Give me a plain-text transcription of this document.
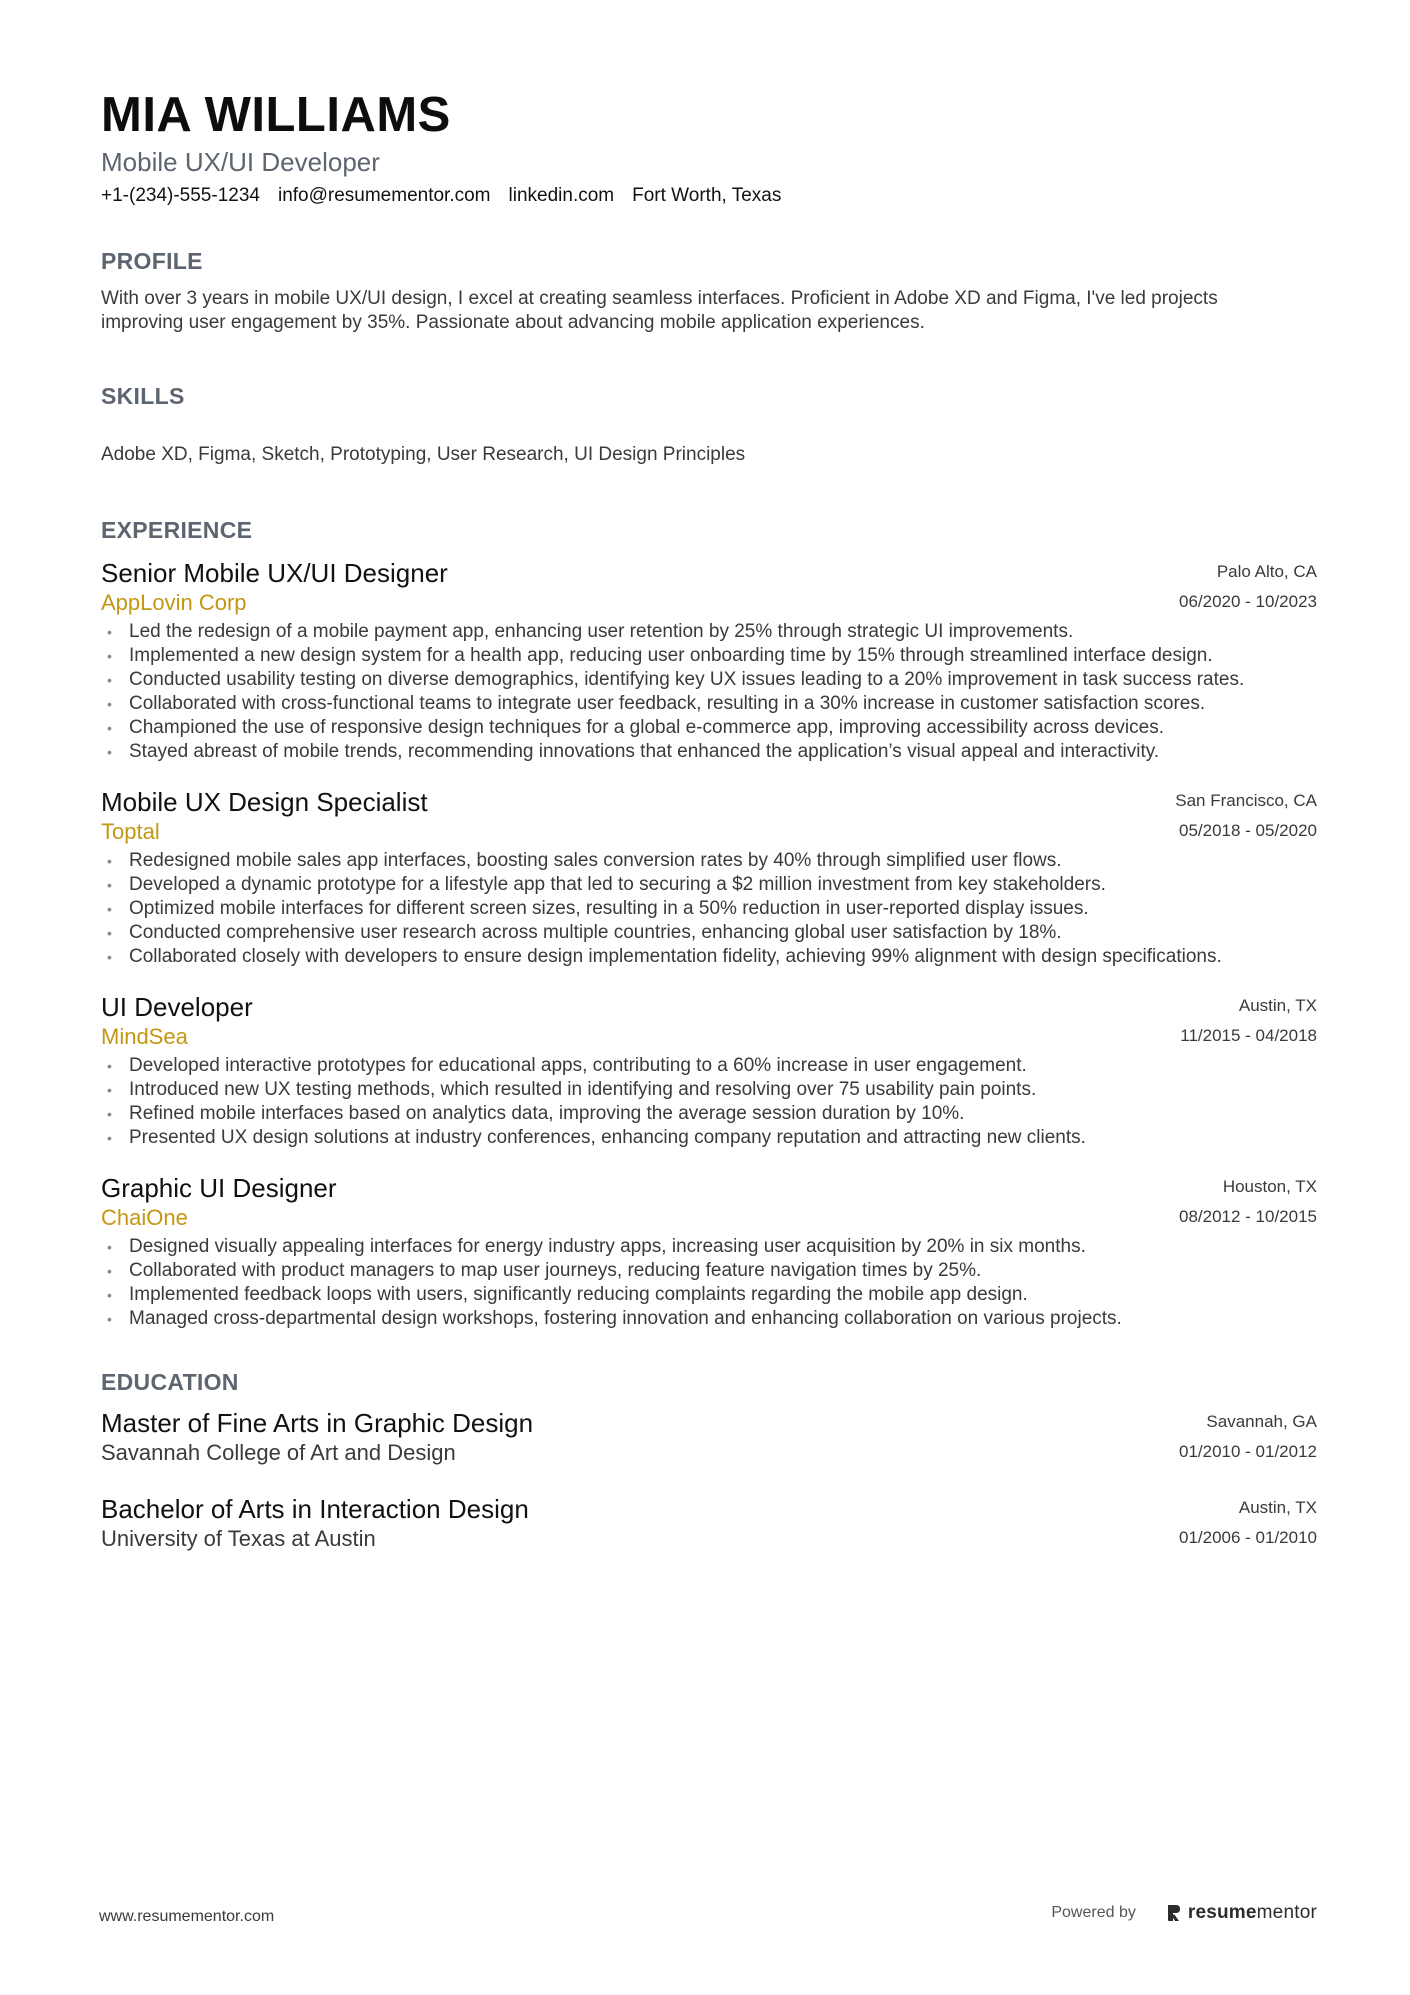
MIA WILLIAMS
Mobile UX/UI Developer
+1-(234)-555-1234 info@resumementor.com linkedin.com Fort Worth, Texas
PROFILE
With over 3 years in mobile UX/UI design, I excel at creating seamless interfaces. Proficient in Adobe XD and Figma, I've led projects improving user engagement by 35%. Passionate about advancing mobile application experiences.
SKILLS
Adobe XD, Figma, Sketch, Prototyping, User Research, UI Design Principles
EXPERIENCE
Senior Mobile UX/UI Designer
AppLovin Corp
Palo Alto, CA
06/2020 - 10/2023
• Led the redesign of a mobile payment app, enhancing user retention by 25% through strategic UI improvements.
• Implemented a new design system for a health app, reducing user onboarding time by 15% through streamlined interface design.
• Conducted usability testing on diverse demographics, identifying key UX issues leading to a 20% improvement in task success rates.
• Collaborated with cross-functional teams to integrate user feedback, resulting in a 30% increase in customer satisfaction scores.
• Championed the use of responsive design techniques for a global e-commerce app, improving accessibility across devices.
• Stayed abreast of mobile trends, recommending innovations that enhanced the application’s visual appeal and interactivity.
Mobile UX Design Specialist
Toptal
San Francisco, CA
05/2018 - 05/2020
• Redesigned mobile sales app interfaces, boosting sales conversion rates by 40% through simplified user flows.
• Developed a dynamic prototype for a lifestyle app that led to securing a $2 million investment from key stakeholders.
• Optimized mobile interfaces for different screen sizes, resulting in a 50% reduction in user-reported display issues.
• Conducted comprehensive user research across multiple countries, enhancing global user satisfaction by 18%.
• Collaborated closely with developers to ensure design implementation fidelity, achieving 99% alignment with design specifications.
UI Developer
MindSea
Austin, TX
11/2015 - 04/2018
• Developed interactive prototypes for educational apps, contributing to a 60% increase in user engagement.
• Introduced new UX testing methods, which resulted in identifying and resolving over 75 usability pain points.
• Refined mobile interfaces based on analytics data, improving the average session duration by 10%.
• Presented UX design solutions at industry conferences, enhancing company reputation and attracting new clients.
Graphic UI Designer
ChaiOne
Houston, TX
08/2012 - 10/2015
• Designed visually appealing interfaces for energy industry apps, increasing user acquisition by 20% in six months.
• Collaborated with product managers to map user journeys, reducing feature navigation times by 25%.
• Implemented feedback loops with users, significantly reducing complaints regarding the mobile app design.
• Managed cross-departmental design workshops, fostering innovation and enhancing collaboration on various projects.
EDUCATION
Master of Fine Arts in Graphic Design
Savannah College of Art and Design
Savannah, GA
01/2010 - 01/2012
Bachelor of Arts in Interaction Design
University of Texas at Austin
Austin, TX
01/2006 - 01/2010
www.resumementor.com	Powered by	resumementor
